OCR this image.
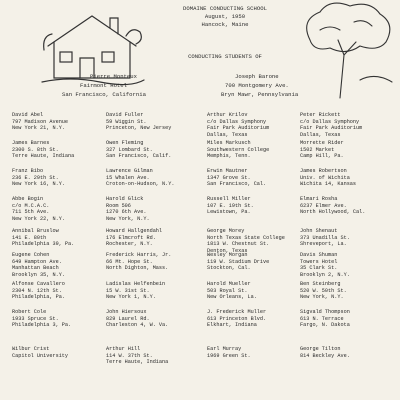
DOMAINE CONDUCTING SCHOOL
August, 1950
Hancock, Maine
CONDUCTING STUDENTS OF
Pierre Monteux
Fairmont Hotel
San Francisco, California
Joseph Barone
700 Montgomery Ave.
Bryn Mawr, Pennsylvania
David Abel
797 Madison Avenue
New York 21, N.Y.
David Fuller
59 Wiggin St.
Princeton, New Jersey
Arthur Krilov
c/o Dallas Symphony
Fair Park Auditorium
Dallas, Texas
Peter Rickett
c/o Dallas Symphony
Fair Park Auditorium
Dallas, Texas
James Barnes
2300 S. 8th St.
Terre Haute, Indiana
Owen Fleming
327 Lombard St.
San Francisco, Calif.
Miles Markusch
Southwestern College
Memphis, Tenn.
Morrette Rider
1502 Market
Camp Hill, Pa.
Franz Bibo
236 E. 29th St.
New York 16, N.Y.
Lawrence Gilman
15 Whalen Ave.
Croton-on-Hudson, N.Y.
Erwin Mautner
1347 Grove St.
San Francisco, Cal.
James Robertson
Univ. of Wichita
Wichita 14, Kansas
Abbe Bogin
c/o M.C.A.C.
711 5th Ave.
New York 22, N.Y.
Harold Glick
Room 506
1270 6th Ave.
New York, N.Y.
Russell Miller
107 E. 19th St.
Lewistown, Pa.
Elmari Rosha
6237 Elmer Ave.
North Hollywood, Cal.
Annibal Bruslow
141 E. 80th
Philadelphia 39, Pa.
Howard Hallgendahl
176 Elmcroft Rd.
Rochester, N.Y.
George Morey
North Texas State College
1813 W. Chestnut St.
Denton, Texas
John Shenaut
373 Unadilla St.
Shreveport, La.
Eugene Cohen
649 Hampton Ave.
Manhattan Beach
Brooklyn 35, N.Y.
Frederick Harris, Jr.
66 Mt. Hope St.
North Dighton, Mass.
Wesley Morgan
119 W. Stadium Drive
Stockton, Cal.
Davis Shuman
Towers Hotel
35 Clark St.
Brooklyn 2, N.Y.
Alfonse Cavallero
2304 N. 12th St.
Philadelphia, Pa.
Ladislas Helfenbein
15 W. 31st St.
New York 1, N.Y.
Harold Mueller
503 Royal St.
New Orleans, La.
Ben Steinberg
520 W. 50th St.
New York, N.Y.
Robert Cole
1933 Spruce St.
Philadelphia 3, Pa.
John Hiersoux
829 Laurel Rd.
Charleston 4, W. Va.
J. Frederick Muller
613 Princeton Blvd.
Elkhart, Indiana
Sigvald Thompson
613 N. Terrace
Fargo, N. Dakota
Wilbur Crist
Capitol University
Arthur Hill
114 W. 37th St.
Terre Haute, Indiana
Earl Murray
1969 Green St.
George Tilton
814 Beckley Ave.
